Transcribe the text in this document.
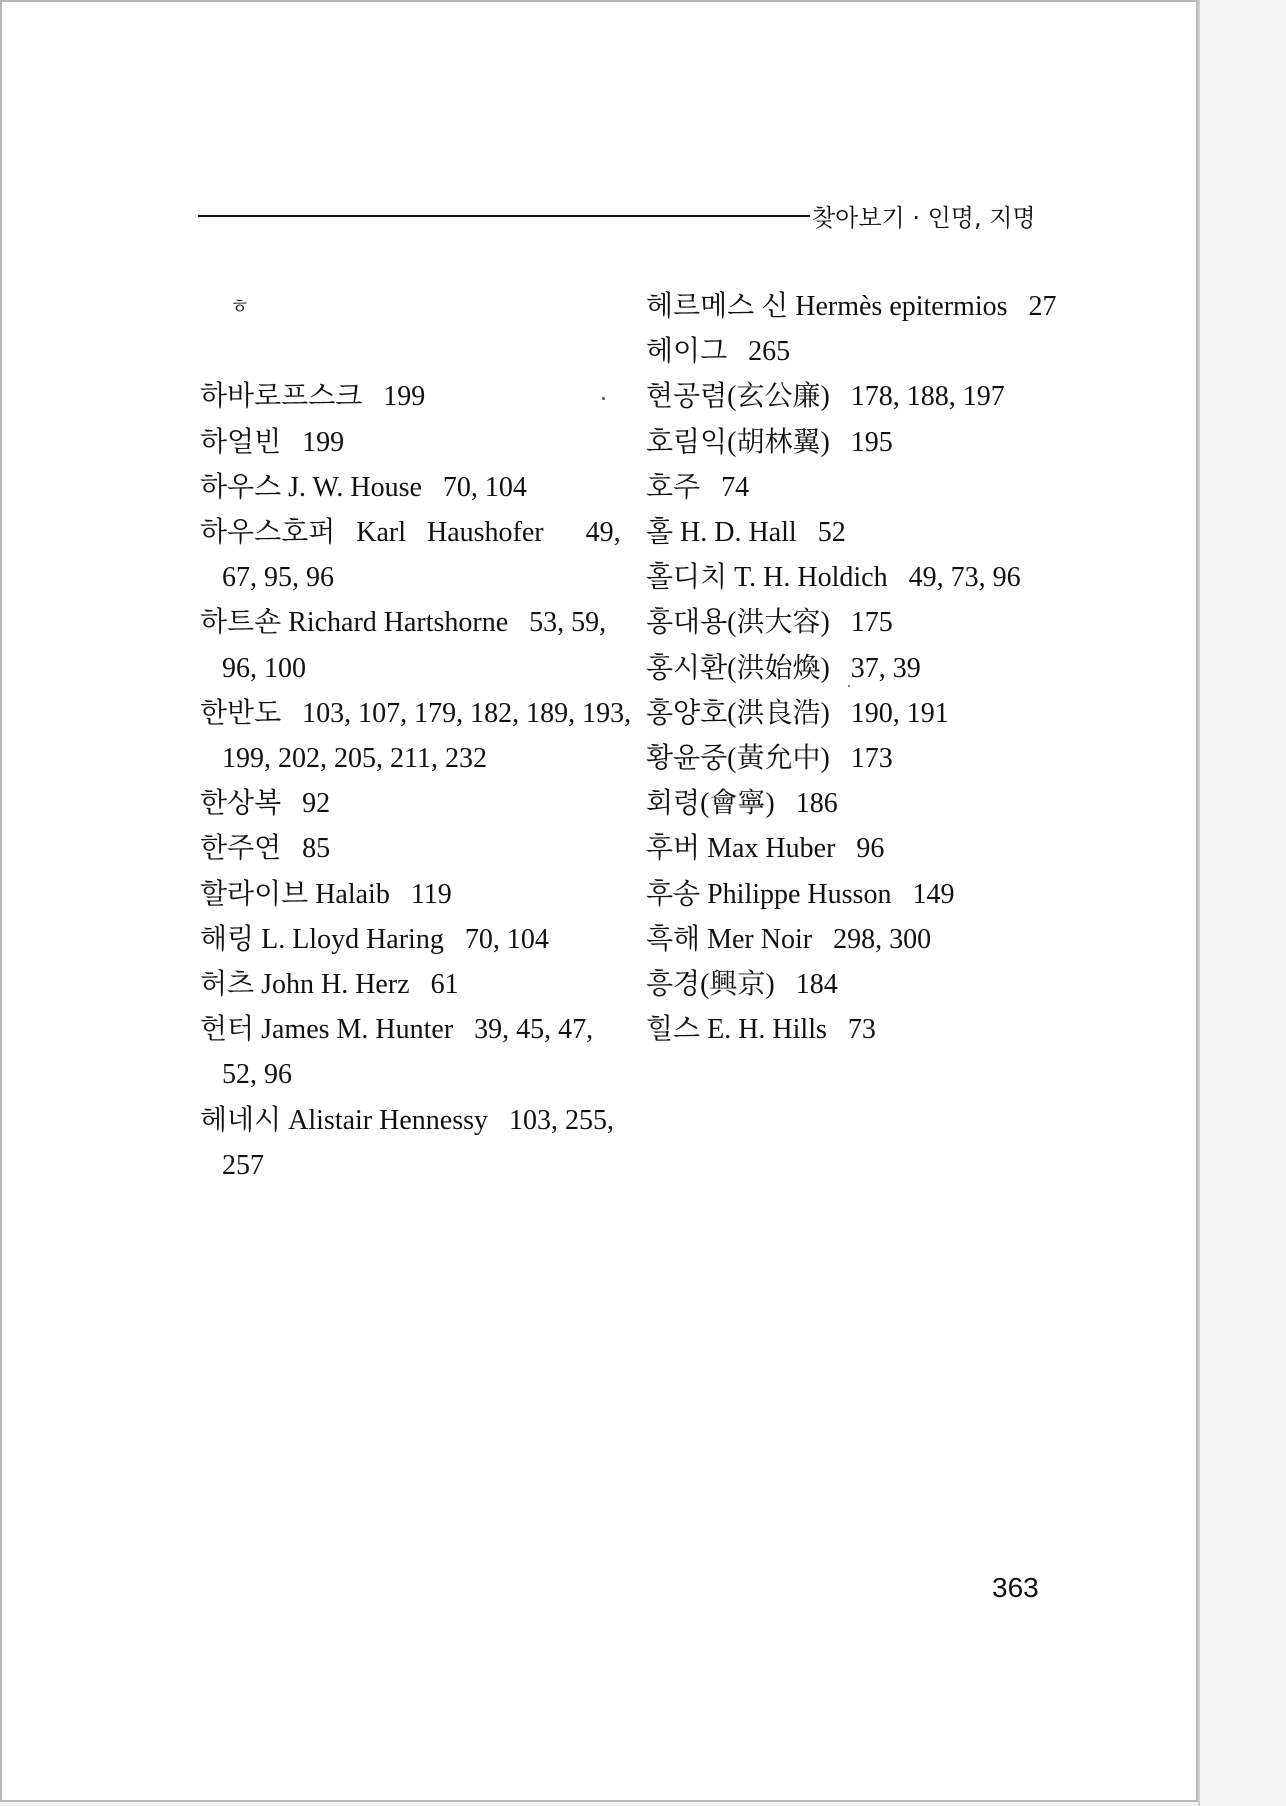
찾아보기 · 인명, 지명
ㅎ
하바로프스크   199
하얼빈   199
하우스 J. W. House   70, 104
하우스호퍼   Karl   Haushofer      49,
67, 95, 96
하트숀 Richard Hartshorne   53, 59,
96, 100
한반도   103, 107, 179, 182, 189, 193,
199, 202, 205, 211, 232
한상복   92
한주연   85
할라이브 Halaib   119
해링 L. Lloyd Haring   70, 104
허츠 John H. Herz   61
헌터 James M. Hunter   39, 45, 47,
52, 96
헤네시 Alistair Hennessy   103, 255,
257
헤르메스 신 Hermès epitermios   27
헤이그   265
현공렴(玄公廉)   178, 188, 197
호림익(胡林翼)   195
호주   74
홀 H. D. Hall   52
홀디치 T. H. Holdich   49, 73, 96
홍대용(洪大容)   175
홍시환(洪始煥)   37, 39
홍양호(洪良浩)   190, 191
황윤중(黃允中)   173
회령(會寧)   186
후버 Max Huber   96
후송 Philippe Husson   149
흑해 Mer Noir   298, 300
흥경(興京)   184
힐스 E. H. Hills   73
363
